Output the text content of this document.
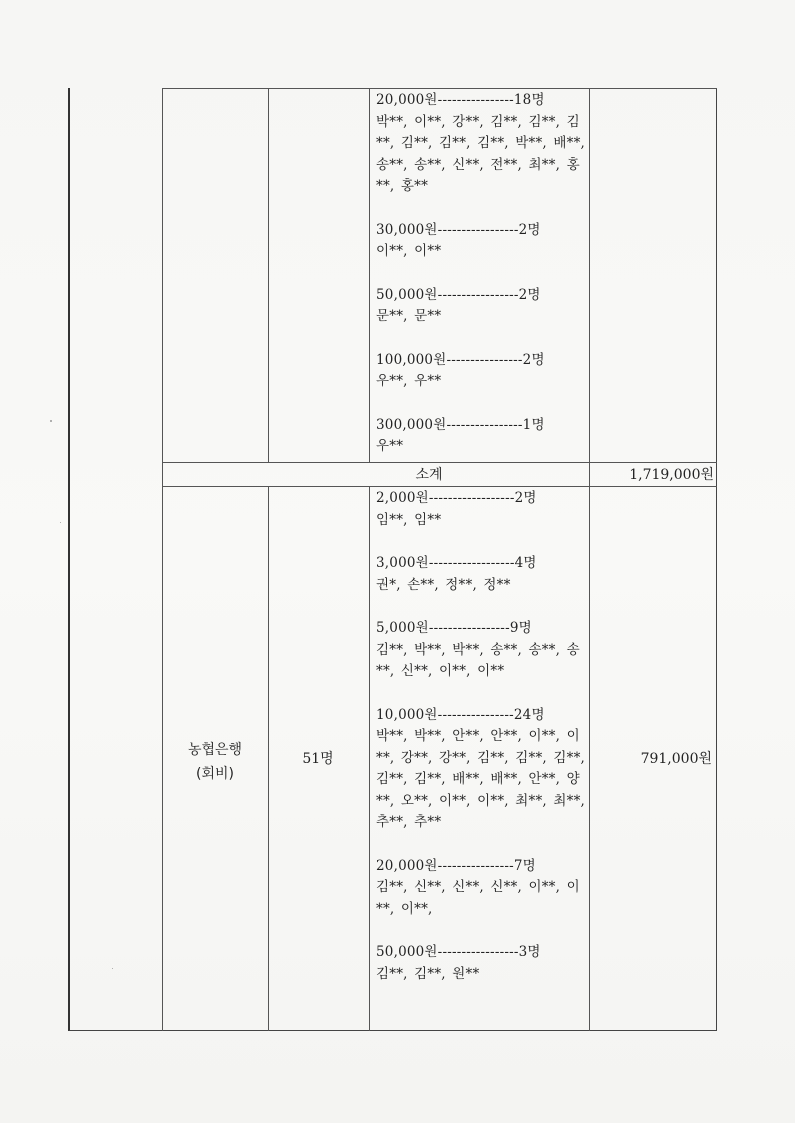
20,000원----------------18명
박**, 이**, 강**, 김**, 김**, 김**, 김**, 김**, 김**, 박**, 배**, 송**, 송**, 신**, 전**, 최**, 홍**, 홍**
30,000원-----------------2명
이**, 이**
50,000원-----------------2명
문**, 문**
100,000원----------------2명
우**, 우**
300,000원----------------1명
우**
소계	1,719,000원
농협은행
(회비)
51명	791,000원
2,000원------------------2명
임**, 임**
3,000원------------------4명
권*, 손**, 정**, 정**
5,000원-----------------9명
김**, 박**, 박**, 송**, 송**, 송**, 신**, 이**, 이**
10,000원----------------24명
박**, 박**, 안**, 안**, 이**, 이**, 강**, 강**, 김**, 김**, 김**, 김**, 김**, 배**, 배**, 안**, 양**, 오**, 이**, 이**, 최**, 최**, 추**, 추**
20,000원----------------7명
김**, 신**, 신**, 신**, 이**, 이**, 이**,
50,000원-----------------3명
김**, 김**, 원**
